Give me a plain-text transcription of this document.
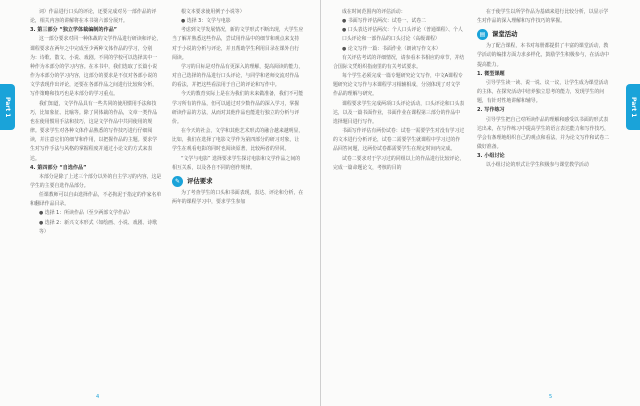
Part 1

词）作品进行口头的评论，还要完成对另一部作品的评论，相关内容的讲解将在本书第六部分展开。

3. 第三部分 “独立学体裁编制的作品”

这一部分要求对同一种体裁的文学作品进行研读和评论，课程要求在两年之中完成至少两种文体作品的学习，分别为：诗歌、散文、小说、戏剧。不同的学校可以选择其中一种作为本部分的学习内容。在本书中，我们选取了长篇小说作为本部分的学习内容，这部分的要求是不仅对各部小说的文学表现作出评论，还要在各部作品之间进行比较和分析，写作策略和技巧也是本部分的学习重点。

我们知道，文学作品具有一些共同的使用惯用手法和技巧，比如象征、比喻等。除了同体裁的作品，文章一类作品也在使用惯用手法和技巧，这是文学作品中共同使用的规律。要求学生对各种文体作品熟悉的写作技巧进行仔细阅读，并注意它们的细节和作用，以把握作品的主题。要求学生对写作手法与风格的掌握程度并通过小论文的方式来表达。

4. 第四部分 “自选作品”

本部分是除了上述三个部分以外的自主学习的内容，这是学生的主要自选作品部分。

任课教师可以自由选择作品，不必拘泥于指定的作家名单和翻译作品目录。

● 选择 1：所读作品（至少两部文学作品）

● 选择 2：新兴文本形式（如绘画、小说、戏剧、诗歌等）

根文本要求使用例子小说等）

● 选择 3：文学与电影

考虑到文学发展情况，新的文学形式不断出现，大学生应当了解并熟悉这些作品，尝试用作品中的细节和观点来支持对于小说的分析与评论，并且帮助学生利用目录在课外自行阅读。

学习的目标是对作品有更深入的理解，提高阅读的能力，对自己选择的作品进行口头评论，与同学和老师交流对作品的看法，并把这些看法用于自己的评论和写作中。

今天的教育实际上是在为我们的未来做准备，我们不可能学习所有的作品，但可以通过对少数作品的深入学习，掌握研读作品的方法，从而对其他作品也能进行独立的分析与评价。

在今天的社会，文学和其他艺术形式的融合越来越明显，比如，我们在选择了电影文学作为第四部分的研习对象，让学生在观看电影的同时也阅读原著，比较两者的异同。

“文学与电影” 选择要求学生探讨电影和文学作品之间的相互关系，以及各自不同的创作规律。

✎	评估要求

为了考查学生的口头和书面表现，表达、评论和分析，在两年的课程学习中，要求学生参加

4
Part 1

成在时间范围内的评估活动：

● 书面写作评估两次：试卷一、试卷二

● 口头表达评估两次：个人口头评论（普通课程）、个人口头评论和一部作品的口头讨论（高级课程）

● 论文写作一篇：书面作业（朗读写作文本）

有关评估考试的详细情况，请参看本书相应的章节，并结合国际文凭组织指南里的有关考试要求。

每个学生必须完成一篇专题研究论文写作，中文A课程专题研究论文写作与本课程学习相辅相成，分别体现了对文学作品的理解与研究。

课程要求学生完成两项口头评论活动，口头评论和口头表达，以及一篇书面作业，书面作业在课程第三部分的作品中选择题目进行写作。

书面写作评估有两份试卷：试卷一需要学生对没有学习过的文本进行分析评论，试卷二需要学生就课程中学习过的作品回答问题，这两份试卷都需要学生在规定时间内完成。

试卷二要求对于学习过的同组以上的作品进行比较评论，完成一篇命题论文，考核的目的

在于使学生以所学作品为基础来进行比较分析，以显示学生对作品的深入理解和写作技巧的掌握。

▤	课堂活动

为了配合课程，本书对每册都提供了丰富的课堂活动，教学活动的编排方面力求多样化，鼓励学生积极参与，在活动中提高能力。

1. 微型课题

引导学生读一读、说一说、议一议，让学生成为课堂活动的主体，在探究活动中培养独立思考的能力，发现学生的问题，有针对性地讲解和辅导。

2. 写作练习

引导学生把自己对所读作品的理解和感受以书面的形式表达出来，在写作练习中提高学生的语言表达能力和写作技巧，学会有条理地组织自己的观点和看法，并为论文写作和试卷二做好准备。

3. 小组讨论

以小组讨论的形式让学生积极参与课堂教学活动

5
